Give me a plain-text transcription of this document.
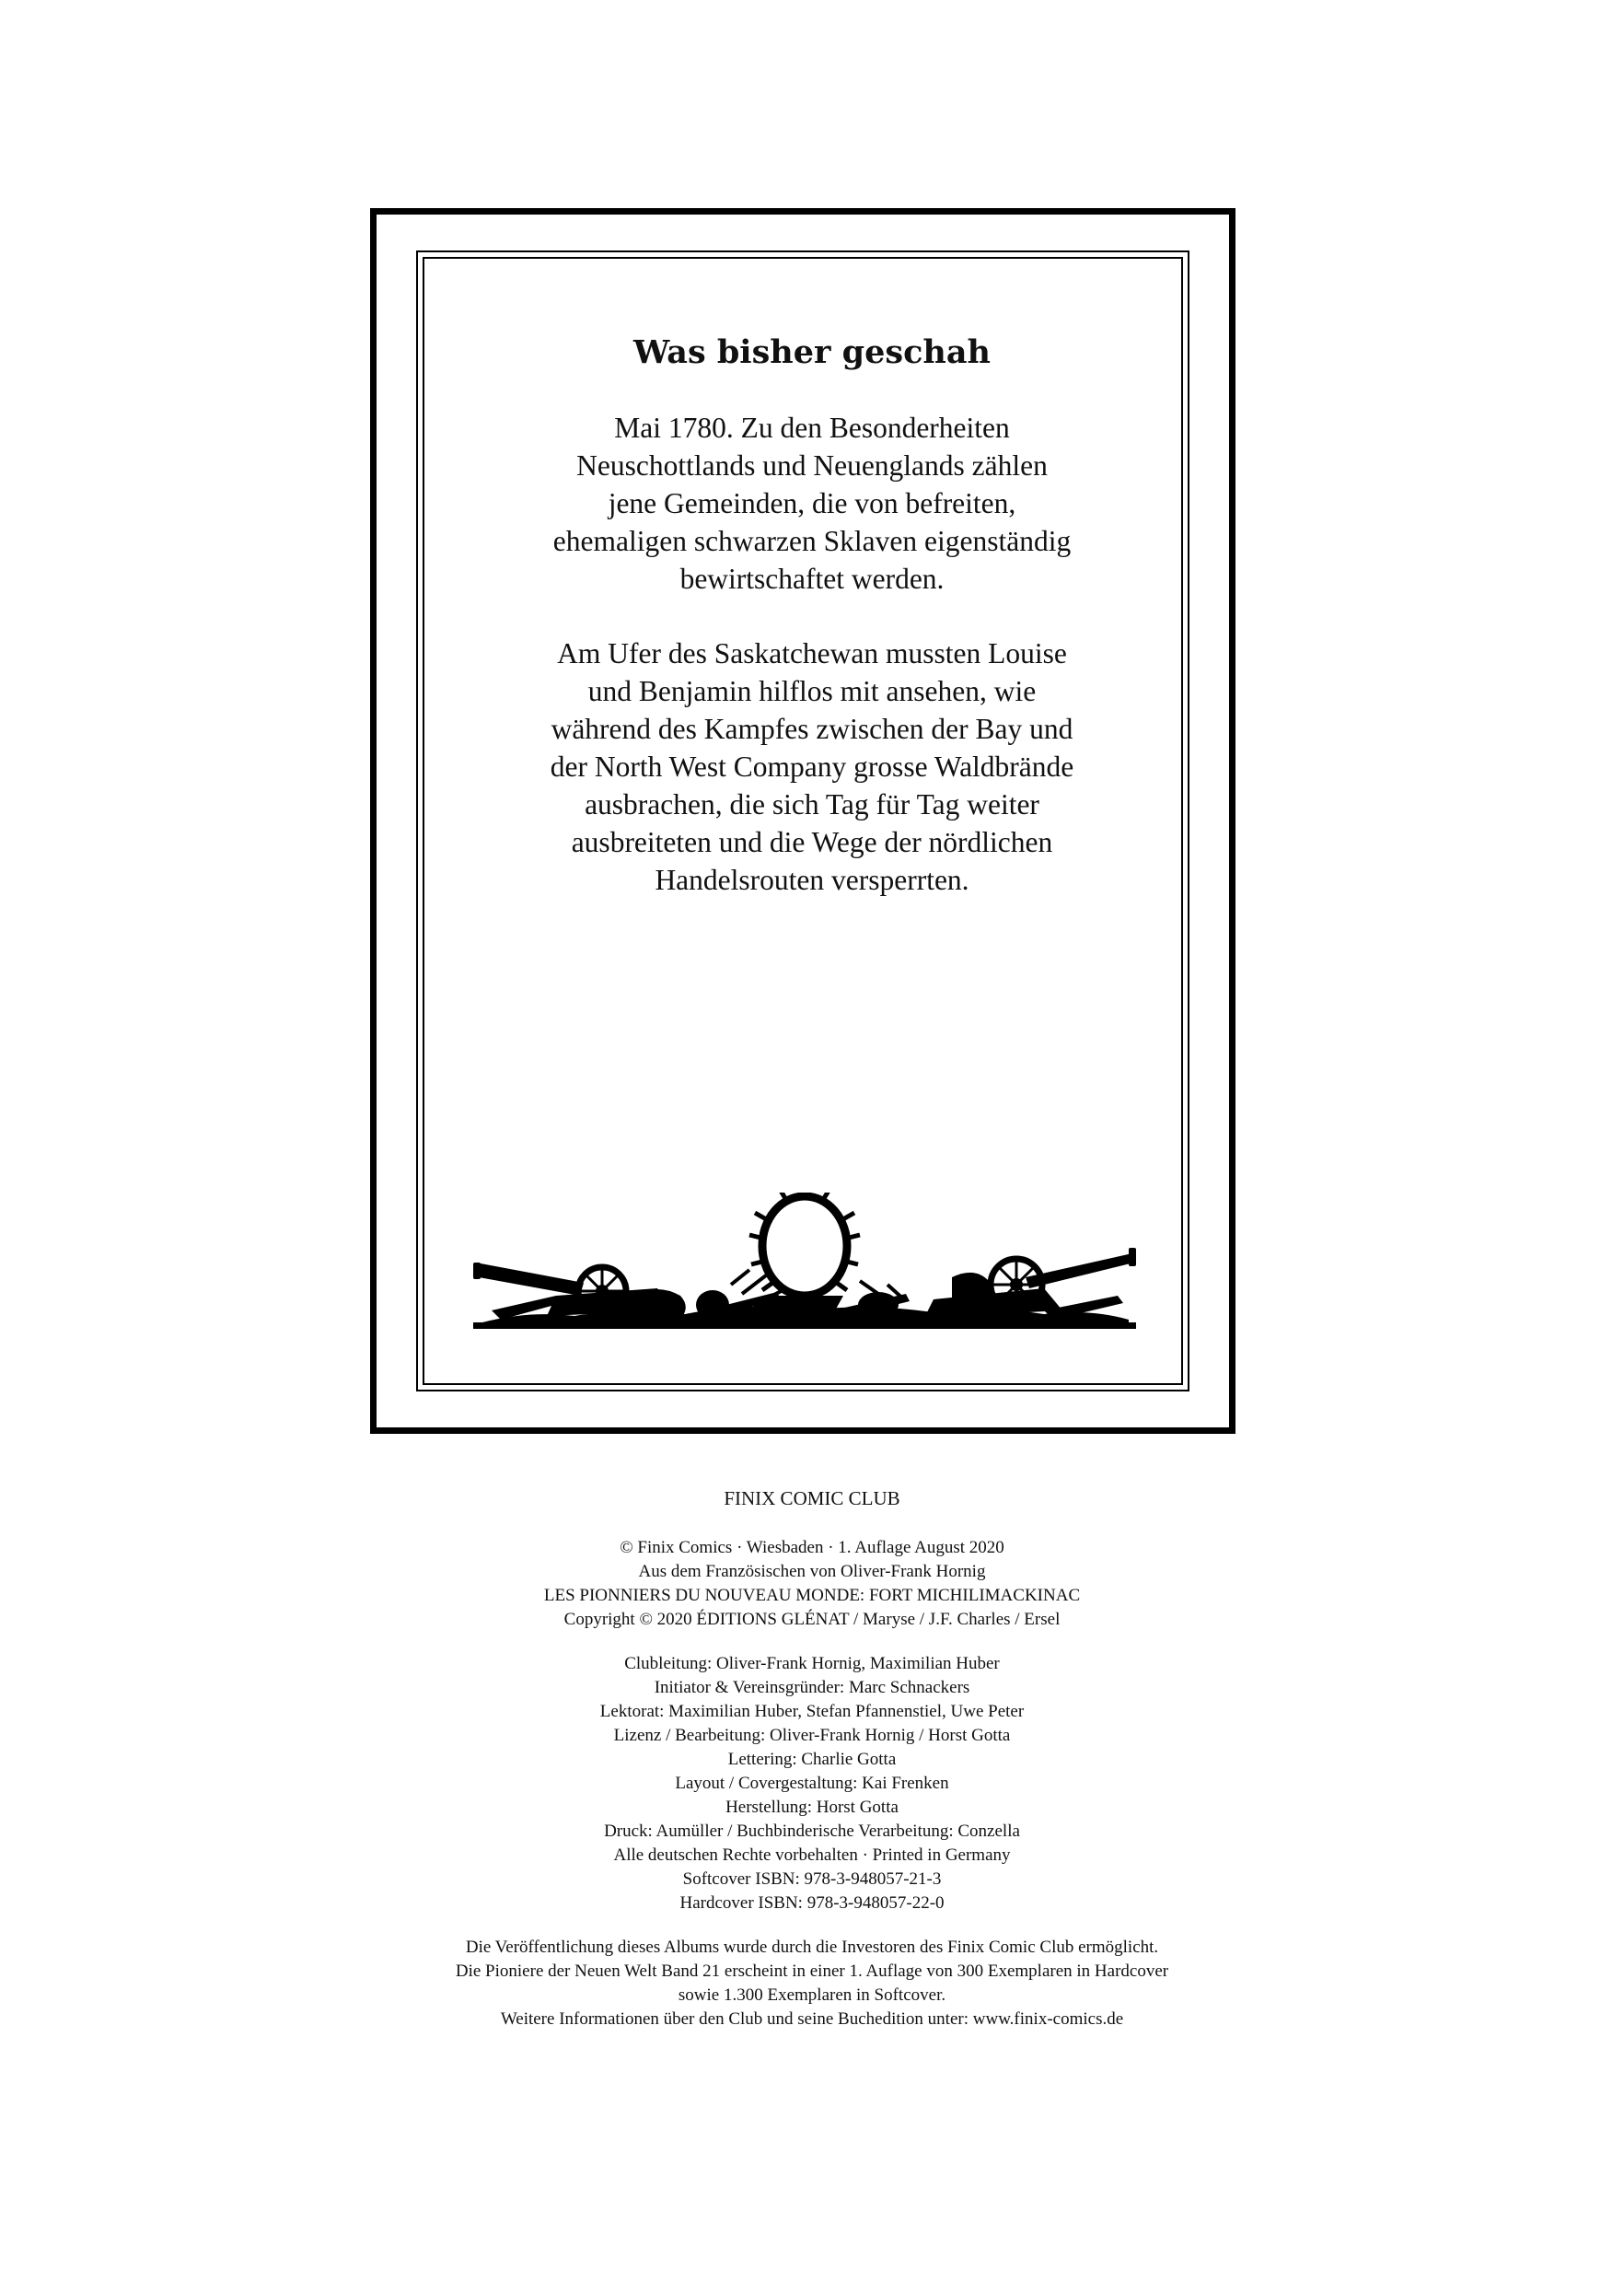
Was bisher geschah

Mai 1780. Zu den Besonderheiten
Neuschottlands und Neuenglands zählen
jene Gemeinden, die von befreiten,
ehemaligen schwarzen Sklaven eigenständig
bewirtschaftet werden.

Am Ufer des Saskatchewan mussten Louise
und Benjamin hilflos mit ansehen, wie
während des Kampfes zwischen der Bay und
der North West Company grosse Waldbrände
ausbrachen, die sich Tag für Tag weiter
ausbreiteten und die Wege der nördlichen
Handelsrouten versperrten.

FINIX COMIC CLUB
© Finix Comics · Wiesbaden · 1. Auflage August 2020
Aus dem Französischen von Oliver-Frank Hornig
LES PIONNIERS DU NOUVEAU MONDE: FORT MICHILIMACKINAC
Copyright © 2020 ÉDITIONS GLÉNAT / Maryse / J.F. Charles / Ersel
Clubleitung: Oliver-Frank Hornig, Maximilian Huber
Initiator & Vereinsgründer: Marc Schnackers
Lektorat: Maximilian Huber, Stefan Pfannenstiel, Uwe Peter
Lizenz / Bearbeitung: Oliver-Frank Hornig / Horst Gotta
Lettering: Charlie Gotta
Layout / Covergestaltung: Kai Frenken
Herstellung: Horst Gotta
Druck: Aumüller / Buchbinderische Verarbeitung: Conzella
Alle deutschen Rechte vorbehalten · Printed in Germany
Softcover ISBN: 978-3-948057-21-3
Hardcover ISBN: 978-3-948057-22-0
Die Veröffentlichung dieses Albums wurde durch die Investoren des Finix Comic Club ermöglicht.
Die Pioniere der Neuen Welt Band 21 erscheint in einer 1. Auflage von 300 Exemplaren in Hardcover
sowie 1.300 Exemplaren in Softcover.
Weitere Informationen über den Club und seine Buchedition unter: www.finix-comics.de
